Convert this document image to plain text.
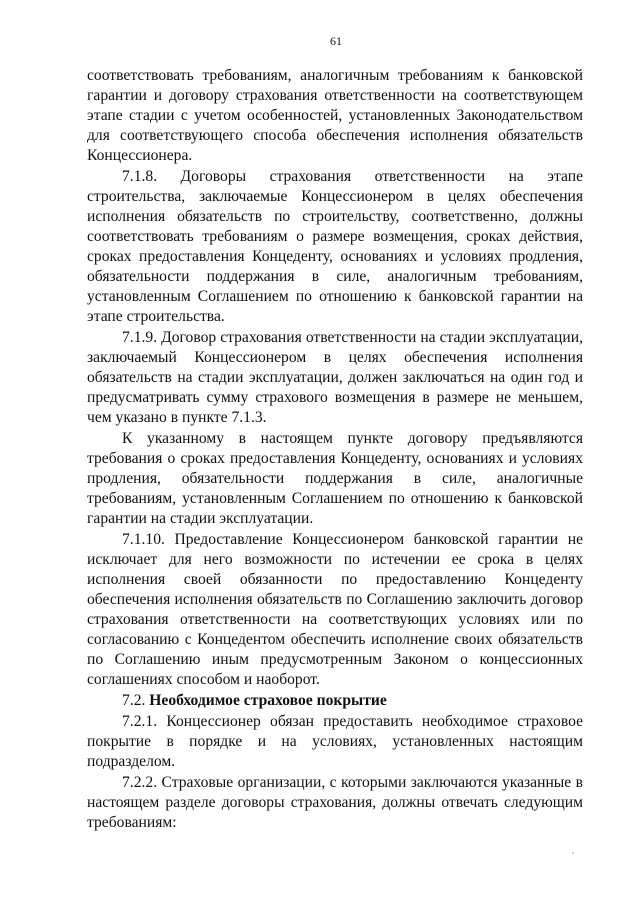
61

соответствовать требованиям, аналогичным требованиям к банковской гарантии и договору страхования ответственности на соответствующем этапе стадии с учетом особенностей, установленных Законодательством для соответствующего способа обеспечения исполнения обязательств Концессионера.

7.1.8. Договоры страхования ответственности на этапе строительства, заключаемые Концессионером в целях обеспечения исполнения обязательств по строительству, соответственно, должны соответствовать требованиям о размере возмещения, сроках действия, сроках предоставления Концеденту, основаниях и условиях продления, обязательности поддержания в силе, аналогичным требованиям, установленным Соглашением по отношению к банковской гарантии на этапе строительства.

7.1.9. Договор страхования ответственности на стадии эксплуатации, заключаемый Концессионером в целях обеспечения исполнения обязательств на стадии эксплуатации, должен заключаться на один год и предусматривать сумму страхового возмещения в размере не меньшем, чем указано в пункте 7.1.3.

К указанному в настоящем пункте договору предъявляются требования о сроках предоставления Концеденту, основаниях и условиях продления, обязательности поддержания в силе, аналогичные требованиям, установленным Соглашением по отношению к банковской гарантии на стадии эксплуатации.

7.1.10. Предоставление Концессионером банковской гарантии не исключает для него возможности по истечении ее срока в целях исполнения своей обязанности по предоставлению Концеденту обеспечения исполнения обязательств по Соглашению заключить договор страхования ответственности на соответствующих условиях или по согласованию с Концедентом обеспечить исполнение своих обязательств по Соглашению иным предусмотренным Законом о концессионных соглашениях способом и наоборот.

7.2. Необходимое страховое покрытие

7.2.1. Концессионер обязан предоставить необходимое страховое покрытие в порядке и на условиях, установленных настоящим подразделом.

7.2.2. Страховые организации, с которыми заключаются указанные в настоящем разделе договоры страхования, должны отвечать следующим требованиям:
